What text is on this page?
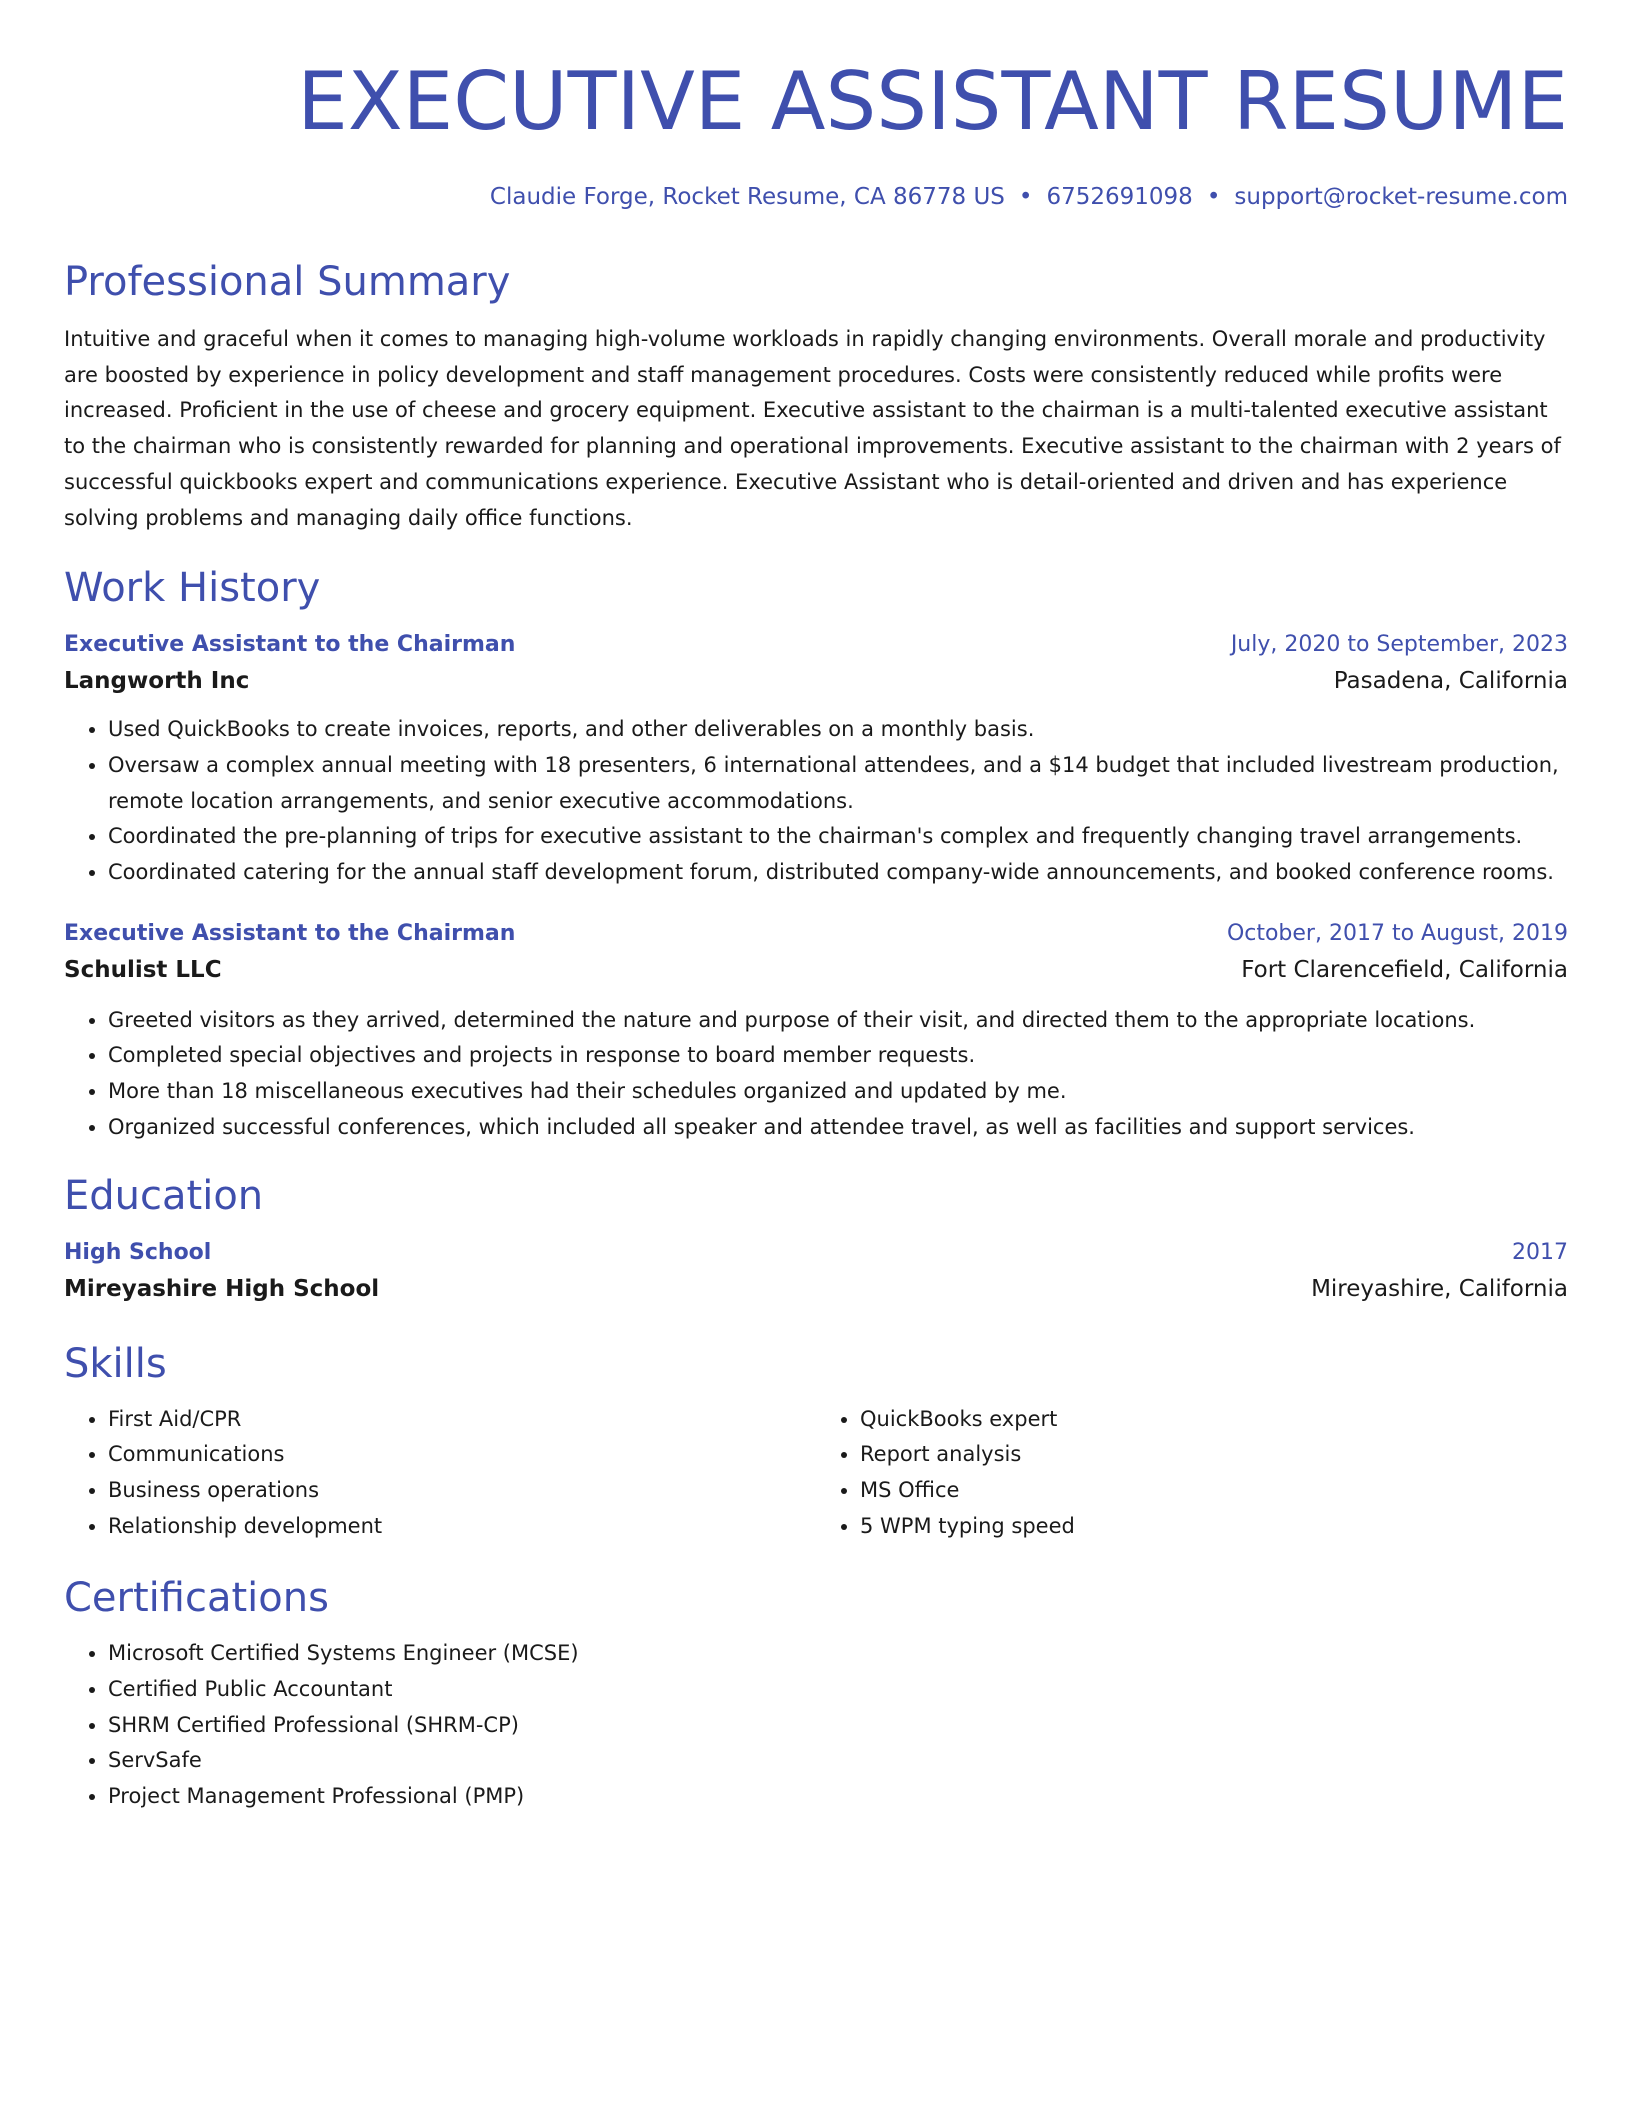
EXECUTIVE ASSISTANT RESUME
Claudie Forge, Rocket Resume, CA 86778 US • 6752691098 • support@rocket-resume.com
Professional Summary

Intuitive and graceful when it comes to managing high-volume workloads in rapidly changing environments. Overall morale and productivity are boosted by experience in policy development and staff management procedures. Costs were consistently reduced while profits were increased. Proficient in the use of cheese and grocery equipment. Executive assistant to the chairman is a multi-talented executive assistant to the chairman who is consistently rewarded for planning and operational improvements. Executive assistant to the chairman with 2 years of successful quickbooks expert and communications experience. Executive Assistant who is detail-oriented and driven and has experience solving problems and managing daily office functions.

Work History
Executive Assistant to the Chairman	July, 2020 to September, 2023
Langworth Inc	Pasadena, California
• Used QuickBooks to create invoices, reports, and other deliverables on a monthly basis.
• Oversaw a complex annual meeting with 18 presenters, 6 international attendees, and a $14 budget that included livestream production, remote location arrangements, and senior executive accommodations.
• Coordinated the pre-planning of trips for executive assistant to the chairman's complex and frequently changing travel arrangements.
• Coordinated catering for the annual staff development forum, distributed company-wide announcements, and booked conference rooms.
Executive Assistant to the Chairman	October, 2017 to August, 2019
Schulist LLC	Fort Clarencefield, California
• Greeted visitors as they arrived, determined the nature and purpose of their visit, and directed them to the appropriate locations.
• Completed special objectives and projects in response to board member requests.
• More than 18 miscellaneous executives had their schedules organized and updated by me.
• Organized successful conferences, which included all speaker and attendee travel, as well as facilities and support services.
Education
High School	2017
Mireyashire High School	Mireyashire, California
Skills
• First Aid/CPR
• Communications
• Business operations
• Relationship development
• QuickBooks expert
• Report analysis
• MS Office
• 5 WPM typing speed
Certifications
• Microsoft Certified Systems Engineer (MCSE)
• Certified Public Accountant
• SHRM Certified Professional (SHRM-CP)
• ServSafe
• Project Management Professional (PMP)
